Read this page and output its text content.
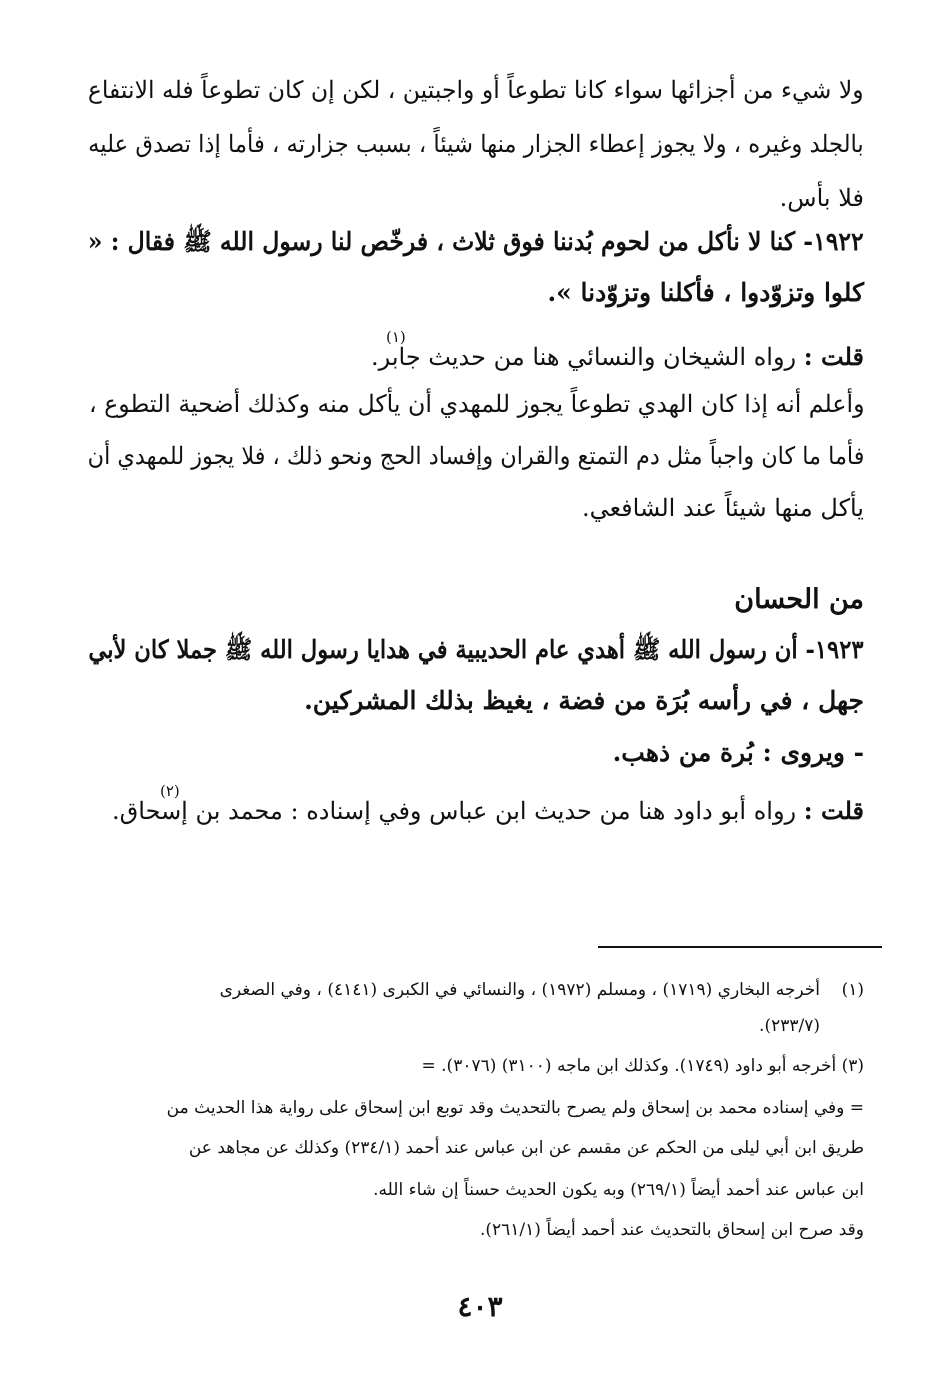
ولا شيء من أجزائها سواء كانا تطوعاً أو واجبتين ، لكن إن كان تطوعاً فله الانتفاع
بالجلد وغيره ، ولا يجوز إعطاء الجزار منها شيئاً ، بسبب جزارته ، فأما إذا تصدق عليه
فلا بأس.
١٩٢٢- كنا لا نأكل من لحوم بُدننا فوق ثلاث ، فرخّص لنا رسول الله ﷺ فقال : «
كلوا وتزوّدوا ، فأكلنا وتزوّدنا ».
قلت : رواه الشيخان والنسائي هنا من حديث جابر.
(١)
وأعلم أنه إذا كان الهدي تطوعاً يجوز للمهدي أن يأكل منه وكذلك أضحية التطوع ،
فأما ما كان واجباً مثل دم التمتع والقران وإفساد الحج ونحو ذلك ، فلا يجوز للمهدي أن
يأكل منها شيئاً عند الشافعي.
من الحسان
١٩٢٣- أن رسول الله ﷺ أهدي عام الحديبية في هدايا رسول الله ﷺ جملا كان لأبي
جهل ، في رأسه بُرَة من فضة ، يغيظ بذلك المشركين.
- ويروى : بُرة من ذهب.
قلت : رواه أبو داود هنا من حديث ابن عباس وفي إسناده : محمد بن إسحاق.
(٢)
(١)
أخرجه البخاري (١٧١٩) ، ومسلم (١٩٧٢) ، والنسائي في الكبرى (٤١٤١) ، وفي الصغرى
(٢٣٣/٧).
(٣) أخرجه أبو داود (١٧٤٩). وكذلك ابن ماجه (٣١٠٠) (٣٠٧٦). =
= وفي إسناده محمد بن إسحاق ولم يصرح بالتحديث وقد توبع ابن إسحاق على رواية هذا الحديث من
طريق ابن أبي ليلى من الحكم عن مقسم عن ابن عباس عند أحمد (٢٣٤/١) وكذلك عن مجاهد عن
ابن عباس عند أحمد أيضاً (٢٦٩/١) وبه يكون الحديث حسناً إن شاء الله.
وقد صرح ابن إسحاق بالتحديث عند أحمد أيضاً (٢٦١/١).
٤٠٣
